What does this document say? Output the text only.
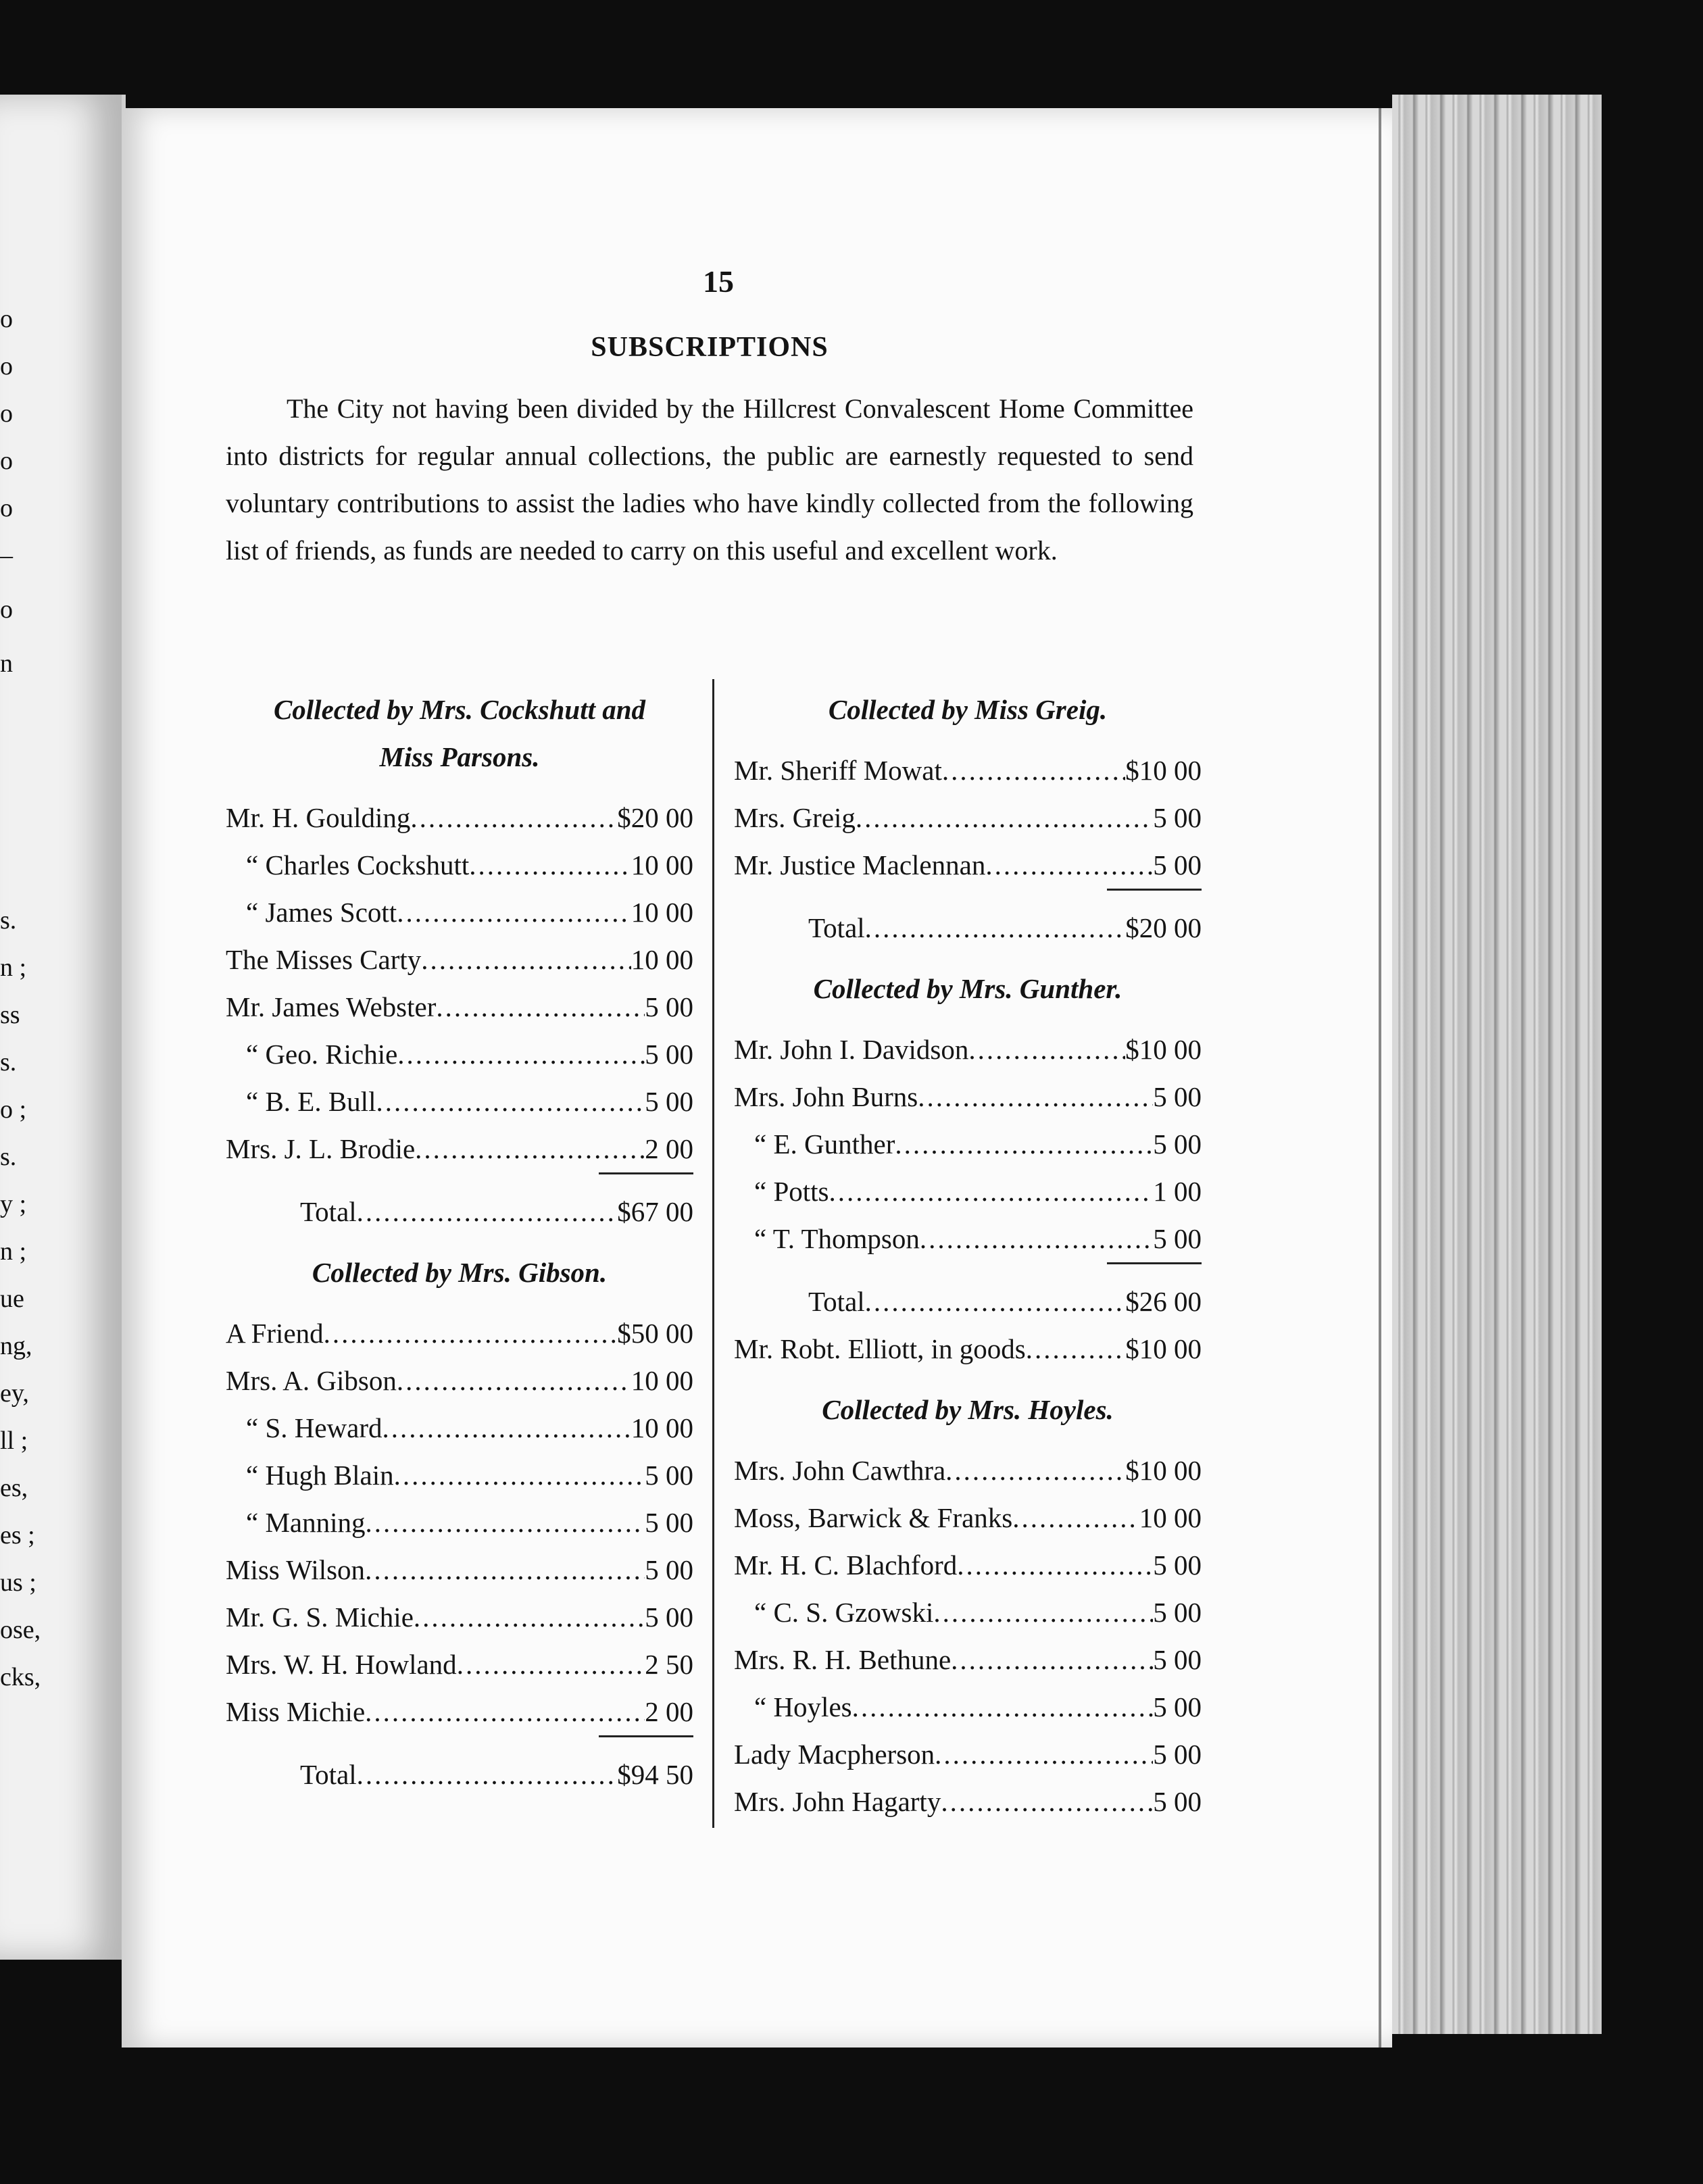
o
o
o
o
o
–
o
n
s.
n ;
ss
s.
o ;
s.
y ;
n ;
ue
ng,
ey,
ll ;
es,
es ;
us ;
ose,
cks,
15
SUBSCRIPTIONS

The City not having been divided by the Hillcrest Convalescent Home Committee into districts for regular annual collections, the public are earnestly requested to send voluntary contributions to assist the ladies who have kindly collected from the following list of friends, as funds are needed to carry on this useful and excellent work.

Collected by Mrs. Cockshutt and
Miss Parsons.
Mr. H. Goulding .....	$20 00
“ Charles Cockshutt .....	10 00
“ James Scott .....	10 00
The Misses Carty .....	10 00
Mr. James Webster .....	5 00
“ Geo. Richie .....	5 00
“ B. E. Bull .....	5 00
Mrs. J. L. Brodie .....	2 00
Total .....	$67 00
Collected by Mrs. Gibson.
A Friend .....	$50 00
Mrs. A. Gibson .....	10 00
“ S. Heward .....	10 00
“ Hugh Blain .....	5 00
“ Manning .....	5 00
Miss Wilson .....	5 00
Mr. G. S. Michie .....	5 00
Mrs. W. H. Howland .....	2 50
Miss Michie .....	2 00
Total .....	$94 50
Collected by Miss Greig.
Mr. Sheriff Mowat .....	$10 00
Mrs. Greig .....	5 00
Mr. Justice Maclennan .....	5 00
Total .....	$20 00
Collected by Mrs. Gunther.
Mr. John I. Davidson .....	$10 00
Mrs. John Burns .....	5 00
“ E. Gunther .....	5 00
“ Potts .....	1 00
“ T. Thompson .....	5 00
Total .....	$26 00
Mr. Robt. Elliott, in goods .....	$10 00
Collected by Mrs. Hoyles.
Mrs. John Cawthra .....	$10 00
Moss, Barwick & Franks .....	10 00
Mr. H. C. Blachford .....	5 00
“ C. S. Gzowski .....	5 00
Mrs. R. H. Bethune .....	5 00
“ Hoyles .....	5 00
Lady Macpherson .....	5 00
Mrs. John Hagarty .....	5 00
